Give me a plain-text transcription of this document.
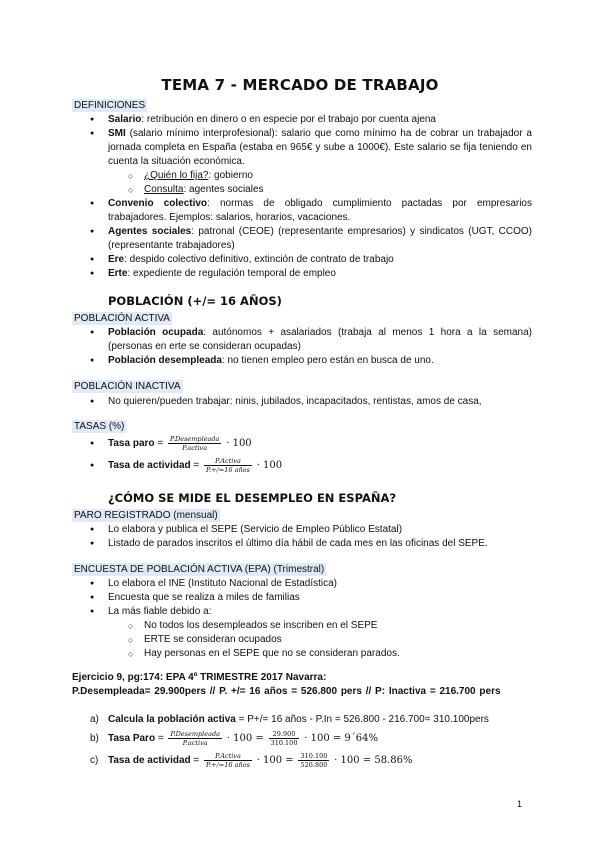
TEMA 7 - MERCADO DE TRABAJO
DEFINICIONES
● Salario: retribución en dinero o en especie por el trabajo por cuenta ajena
● SMI (salario mínimo interprofesional): salario que como mínimo ha de cobrar un trabajador a jornada completa en España (estaba en 965€ y sube a 1000€). Este salario se fija teniendo en cuenta la situación económica.
○ ¿Quién lo fija?: gobierno
○ Consulta: agentes sociales
● Convenio colectivo: normas de obligado cumplimiento pactadas por empresarios trabajadores. Ejemplos: salarios, horarios, vacaciones.
● Agentes sociales: patronal (CEOE) (representante empresarios) y sindicatos (UGT, CCOO) (representante trabajadores)
● Ere: despido colectivo definitivo, extinción de contrato de trabajo
● Erte: expediente de regulación temporal de empleo
POBLACIÓN (+/= 16 AÑOS)
POBLACIÓN ACTIVA
● Población ocupada: autónomos + asalariados (trabaja al menos 1 hora a la semana) (personas en erte se consideran ocupadas)
● Población desempleada: no tienen empleo pero están en busca de uno.
POBLACIÓN INACTIVA
● No quieren/pueden trabajar: ninis, jubilados, incapacitados, rentistas, amos de casa,
TASAS (%)
● Tasa paro = $\frac{\text{P.Desempleada}}{\text{P.activa}} \cdot 100$
● Tasa de actividad = $\frac{\text{P.Activa}}{\text{P.+/=16 años}} \cdot 100$
¿CÓMO SE MIDE EL DESEMPLEO EN ESPAÑA?
PARO REGISTRADO (mensual)
● Lo elabora y publica el SEPE (Servicio de Empleo Público Estatal)
● Listado de parados inscritos el último día hábil de cada mes en las oficinas del SEPE.
ENCUESTA DE POBLACIÓN ACTIVA (EPA) (Trimestral)
● Lo elabora el INE (Instituto Nacional de Estadística)
● Encuesta que se realiza a miles de familias
● La más fiable debido a:
○ No todos los desempleados se inscriben en el SEPE
○ ERTE se consideran ocupados
○ Hay personas en el SEPE que no se consideran parados.
Ejercicio 9, pg:174: EPA 4º TRIMESTRE 2017 Navarra:
P.Desempleada= 29.900pers // P. +/= 16 años = 526.800 pers // P: Inactiva = 216.700 pers
a) Calcula la población activa = P+/= 16 años - P.In = 526.800 - 216.700= 310.100pers
b) Tasa Paro = $\frac{\text{P.Desempleada}}{\text{P.activa}} \cdot 100 = \frac{29.900}{310.100} \cdot 100$ = 9´64%
c) Tasa de actividad = $\frac{\text{P.Activa}}{\text{P.+/=16 años}} \cdot 100 = \frac{310.100}{526.800} \cdot 100 = 58.86\%$
1
